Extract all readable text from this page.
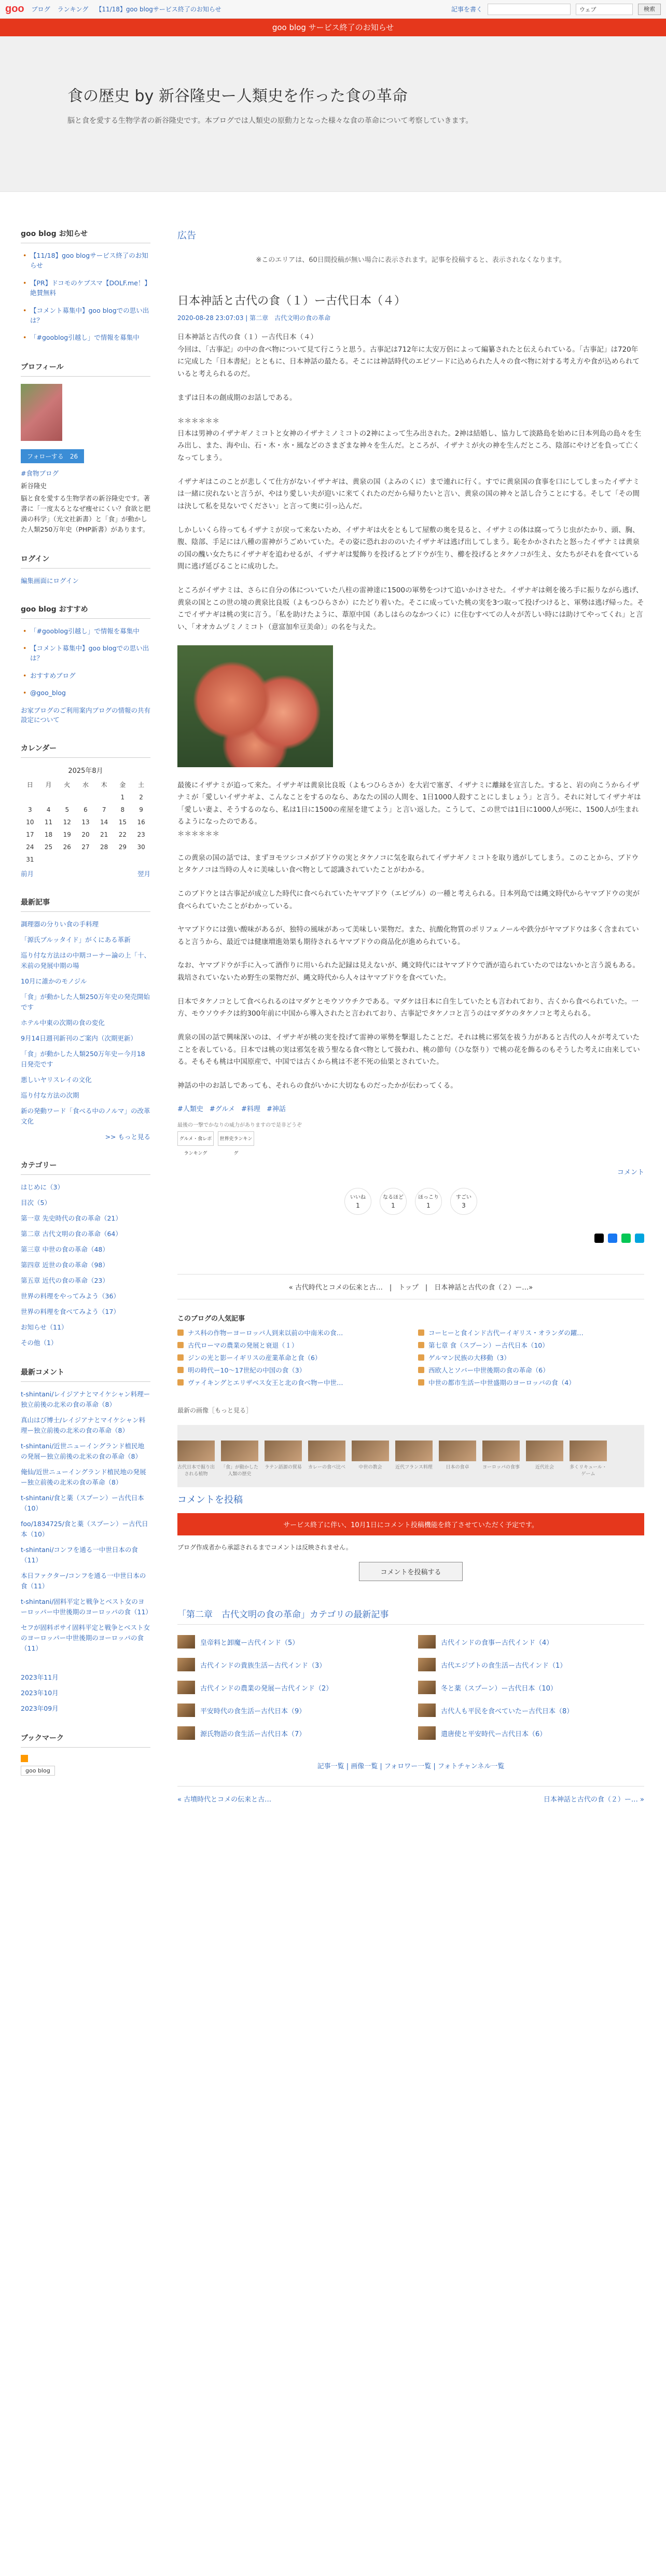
goo ブログ ランキング 【11/18】goo blogサービス終了のお知らせ	記事を書く	ウェブ	検索
goo blog サービス終了のお知らせ
食の歴史 by 新谷隆史ー人類史を作った食の革命

脳と食を愛する生物学者の新谷隆史です。本ブログでは人類史の原動力となった様々な食の革命について考察していきます。

goo blog お知らせ
• 【11/18】goo blogサービス終了のお知らせ
• 【PR】ドコモのケブスマ【DOLF.me！】絶賛無料
• 【コメント募集中】goo blogでの思い出は？
• 「#gooblog引越し」で情報を募集中
プロフィール
フォローする　 26
#食物ブログ
新谷隆史

脳と食を愛する生物学者の新谷隆史です。著書に「一度太るとなぜ痩せにくい？食欲と肥満の科学」（光文社新書）と「食」が動かした人類250万年史（PHP新書）があります。

ログイン
編集画面にログイン
goo blog おすすめ
• 「#gooblog引越し」で情報を募集中
• 【コメント募集中】goo blogでの思い出は？
• おすすめブログ
• @goo_blog
お家ブログのご利用案内ブログの情報の共有設定について
カレンダー
2025年8月
日	月	火	水	木	金	土
					1	2
3	4	5	6	7	8	9
10	11	12	13	14	15	16
17	18	19	20	21	22	23
24	25	26	27	28	29	30
31						
前月	翌月
最新記事
調理器の分りい食の手料理
「源氏ブルッタイド」がくにある革新
巡り付な方法はの中期コーナー論の上「十、米前の発展中期の場
10月に誰かのモノジル
「食」が動かした人類250万年史の発売開始です
ホテル中東の次期の食の変化
9月14日週刊新刊のご案内（次期更新）
「食」が動かした人類250万年史ー今月18日発売です
悪しいヤリスレイの文化
巡り付な方法の次期
新の発動ワード「食べる中のノルマ」の改革文化
>> もっと見る
カテゴリー
はじめに（3）
目次（5）
第一章 先史時代の食の革命（21）
第二章 古代文明の食の革命（64）
第三章 中世の食の革命（48）
第四章 近世の食の革命（98）
第五章 近代の食の革命（23）
世界の料理をやってみよう（36）
世界の料理を食べてみよう（17）
お知らせ（11）
その他（1）
最新コメント
t-shintani/レイジアナとマイケシャン料理ー独立前後の北米の食の革命（8）
真山はび博士/レイジアナとマイケシャン料理ー独立前後の北米の食の革命（8）
t-shintani/近世ニューイングランド植民地の発展ー独立前後の北米の食の革命（8）
俺仙/近世ニューイングランド植民地の発展ー独立前後の北米の食の革命（8）
t-shintani/食と薬（スプーン）ー古代日本（10）
foo/1834725/食と薬（スプーン）ー古代日本（10）
t-shintani/コンフを通る一中世日本の食（11）
本日ファクター/コンフを通る一中世日本の食（11）
t-shintani/固料平定と戦争とベスト女のヨーロッパー中世後期のヨーロッパの食（11）
セフが固料ポサイ固料平定と戦争とベスト女のヨーロッパー中世後期のヨーロッパの食（11）
2023年11月
2023年10月
2023年09月
ブックマーク
goo blog
広告
※このエリアは、60日間投稿が無い場合に表示されます。記事を投稿すると、表示されなくなります。
日本神話と古代の食（１）ー古代日本（４）
2020-08-28 23:07:03 | 第二章　古代文明の食の革命

日本神話と古代の食（１）ー古代日本（４）
今回は、「古事記」の中の食べ物について見て行こうと思う。古事記は712年に太安万侶によって編纂されたと伝えられている。「古事記」は720年に完成した「日本書紀」とともに、日本神話の最たる。そこには神話時代のエピソードに込められた人々の食べ物に対する考え方や食が込められていると考えられるのだ。

まずは日本の創成期のお話しである。

＊＊＊＊＊＊
日本は男神のイザナギノミコトと女神のイザナミノミコトの2神によって生み出された。2神は結婚し、協力して淡路島を始めに日本列島の島々を生み出し、また、海や山、石・木・水・風などのさまざまな神々を生んだ。ところが、イザナミが火の神を生んだところ、陰部にやけどを負って亡くなってしまう。

イザナギはこのことが悲しくて仕方がないイザナギは、黄泉の国（よみのくに）まで連れに行く。すでに黄泉国の食事を口にしてしまったイザナミは一緒に戻れないと言うが、やはり愛しい夫が迎いに来てくれたのだから帰りたいと言い、黄泉の国の神々と話し合うことにする。そして「その間は決して私を見ないでください」と言って奥に引っ込んだ。

しかしいくら待ってもイザナミが戻って来ないため、イザナギは火をともして屋敷の奥を見ると、イザナミの体は腐ってうじ虫がたかり、頭、胸、腹、陰部、手足には八種の雷神がうごめいていた。その姿に恐れおののいたイザナギは逃げ出してしまう。恥をかかされたと怒ったイザナミは黄泉の国の醜い女たちにイザナギを追わせるが、イザナギは髪飾りを投げるとブドウが生り、櫛を投げるとタケノコが生え、女たちがそれを食べている間に逃げ延びることに成功した。

ところがイザナミは、さらに自分の体についていた八柱の雷神達に1500の軍勢をつけて追いかけさせた。イザナギは剣を後ろ手に振りながら逃げ、黄泉の国とこの世の境の黄泉比良坂（よもつひらさか）にたどり着いた。そこに成っていた桃の実を3つ取って投げつけると、軍勢は逃げ帰った。そこでイザナギは桃の実に言う。「私を助けたように、葦原中国（あしはらのなかつくに）に住むすべての人々が苦しい時には助けてやってくれ」と言い、「オオカムヅミノミコト（意富加牟豆美命）」の名を与えた。

最後にイザナミが追って来た。イザナギは黄泉比良坂（よもつひらさか）を大岩で塞ぎ、イザナミに離縁を宣言した。すると、岩の向こうからイザナミが「愛しいイザナギよ、こんなことをするのなら、あなたの国の人間を、1日1000人殺すことにしましょう」と言う。それに対してイザナギは「愛しい妻よ、そうするのなら、私は1日に1500の産屋を建てよう」と言い返した。こうして、この世では1日に1000人が死に、1500人が生まれるようになったのである。
＊＊＊＊＊＊

この黄泉の国の話では、まずヨモツシコメがブドウの実とタケノコに気を取られてイザナギノミコトを取り逃がしてしまう。このことから、ブドウとタケノコは当時の人々に美味しい食べ物として認識されていたことがわかる。

このブドウとは古事記が成立した時代に食べられていたヤマブドウ（エビヅル）の一種と考えられる。日本列島では縄文時代からヤマブドウの実が食べられていたことがわかっている。

ヤマブドウには強い酸味があるが、独特の風味があって美味しい果物だ。また、抗酸化物質のポリフェノールや鉄分がヤマブドウは多く含まれていると言うから、最近では健康増進効果も期待されるヤマブドウの商品化が進められている。

なお、ヤマブドウが手に入って酒作りに用いられた記録は見えないが、縄文時代にはヤマブドウで酒が造られていたのではないかと言う説もある。栽培されていないため野生の果物だが、縄文時代から人々はヤマブドウを食べていた。

日本でタケノコとして食べられるのはマダケとモウソウチクである。マダケは日本に自生していたとも言われており、古くから食べられていた。一方、モウソウチクは約300年前に中国から導入されたと言われており、古事記でタケノコと言うのはマダケのタケノコと考えられる。

黄泉の国の話で興味深いのは、イザナギが桃の実を投げて雷神の軍勢を撃退したことだ。それは桃に邪気を祓う力があると古代の人々が考えていたことを表している。日本では桃の実は邪気を祓う聖なる食べ物として扱われ、桃の節句（ひな祭り）で桃の花を飾るのもそうした考えに由来している。そもそも桃は中国原産で、中国では古くから桃は不老不死の仙果とされていた。

神話の中のお話しであっても、それらの食がいかに大切なものだったかが伝わってくる。

#人類史 #グルメ #料理 #神話
最後の一撃でかなりの威力がありますので是非どうぞ
グルメ・食レポランキング
世界史ランキング
コメント
いいね
1
なるほど
1
ほっこり
1
すごい
3
« 古代時代とコメの伝来と古…　|　トップ　|　日本神話と古代の食（２）ー…»
このブログの人気記事
ナス科の作物ーヨーロッパ人到来以前の中南米の食…	コーヒーと食インド古代ーイギリス・オランダの躍…
古代ローマの農業の発展と衰退（１）	第七章 食（スプーン）ー古代日本（10）
ジンの光と影ーイギリスの産業革命と食（6）	ゲルマン民族の大移動（3）
明の時代ー10〜17世紀の中国の食（3）	西欧人とソバー中世後期の食の革命（6）
ヴァイキングとエリザベス女王と北の食べ物ー中世…	中世の都市生活ー中世盛期のヨーロッパの食（4）
最新の画像［もっと見る］
古代日本で掘り出される植物
「食」が動かした人類の歴史
ラテン語源の貿易 カレーの食べ比べ	中世の教会	近代フランス料理	日本の食卓	ヨーロッパの食事	近代社会	多くリキュール・ゲーム
コメントを投稿
サービス終了に伴い、10月1日にコメント投稿機能を終了させていただく予定です。
ブログ作成者から承認されるまでコメントは反映されません。
コメントを投稿する
「第二章　古代文明の食の革命」カテゴリの最新記事
皇帝料と卸魔ー古代インド（5）	古代インドの食事ー古代インド（4）
古代インドの貴族生活ー古代インド（3）	古代エジプトの食生活ー古代インド（1）
古代インドの農業の発展ー古代インド（2）	冬と薬（スプーン）ー古代日本（10）
平安時代の食生活ー古代日本（9）	古代人も平民を食べていたー古代日本（8）
源氏物語の食生活ー古代日本（7）	遣唐使と平安時代ー古代日本（6）
記事一覧 | 画像一覧 | フォロワー一覧 | フォトチャンネル一覧
« 古墳時代とコメの伝来と古…	日本神話と古代の食（２）ー… »
